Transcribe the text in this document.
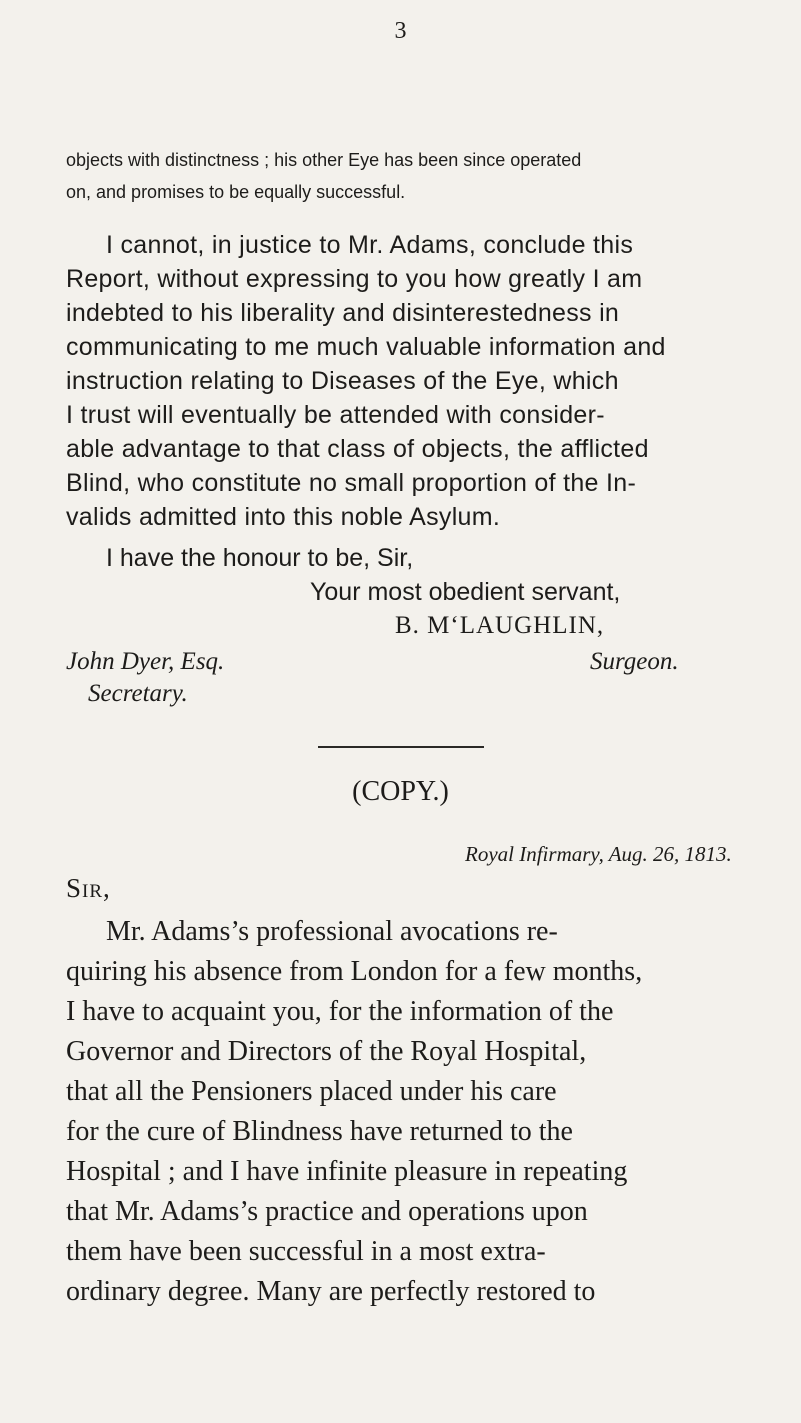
3
objects with distinctness ; his other Eye has been since operated
on, and promises to be equally successful.
I cannot, in justice to Mr. Adams, conclude this
Report, without expressing to you how greatly I am
indebted to his liberality and disinterestedness in
communicating to me much valuable information and
instruction relating to Diseases of the Eye, which
I trust will eventually be attended with consider-
able advantage to that class of objects, the afflicted
Blind, who constitute no small proportion of the In-
valids admitted into this noble Asylum.
I have the honour to be, Sir,
Your most obedient servant,
B. M‘LAUGHLIN,
Surgeon.
John Dyer, Esq.
Secretary.
(COPY.)
Royal Infirmary, Aug. 26, 1813.
Sir,
Mr. Adams’s professional avocations re-
quiring his absence from London for a few months,
I have to acquaint you, for the information of the
Governor and Directors of the Royal Hospital,
that all the Pensioners placed under his care
for the cure of Blindness have returned to the
Hospital ; and I have infinite pleasure in repeating
that Mr. Adams’s practice and operations upon
them have been successful in a most extra-
ordinary degree. Many are perfectly restored to
